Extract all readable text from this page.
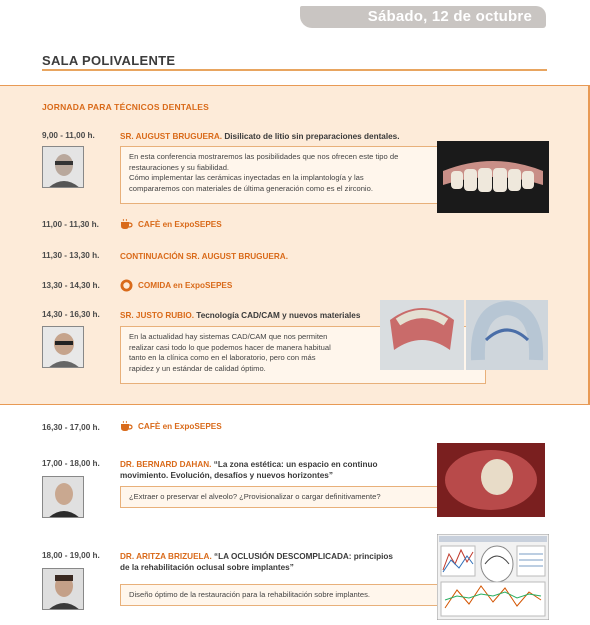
Sábado, 12 de octubre
SALA POLIVALENTE
JORNADA PARA TÉCNICOS DENTALES
9,00 - 11,00 h.	SR. AUGUST BRUGUERA. Disilicato de litio sin preparaciones dentales.
En esta conferencia mostraremos las posibilidades que nos ofrecen este tipo de
restauraciones y su fiabilidad.
Cómo implementar las cerámicas inyectadas en la implantología y las
compararemos con materiales de última generación como es el zirconio.
11,00 - 11,30 h.	CAFÈ en ExpoSEPES
11,30 - 13,30 h.	CONTINUACIÓN SR. AUGUST BRUGUERA.
13,30 - 14,30 h.	COMIDA en ExpoSEPES
14,30 - 16,30 h. SR. JUSTO RUBIO. Tecnología CAD/CAM y nuevos materiales
En la actualidad hay sistemas CAD/CAM que nos permiten
realizar casi todo lo que podemos hacer de manera habitual
tanto en la clínica como en el laboratorio, pero con más
rapidez y un estándar de calidad óptimo.
16,30 - 17,00 h.	CAFÈ en ExpoSEPES
17,00 - 18,00 h. DR. BERNARD DAHAN. “La zona estética: un espacio en continuo
movimiento. Evolución, desafíos y nuevos horizontes”
¿Extraer o preservar el alveolo? ¿Provisionalizar o cargar definitivamente?
18,00 - 19,00 h. DR. ARITZA BRIZUELA. “LA OCLUSIÓN DESCOMPLICADA: principios
de la rehabilitación oclusal sobre implantes”
Diseño óptimo de la restauración para la rehabilitación sobre implantes.
